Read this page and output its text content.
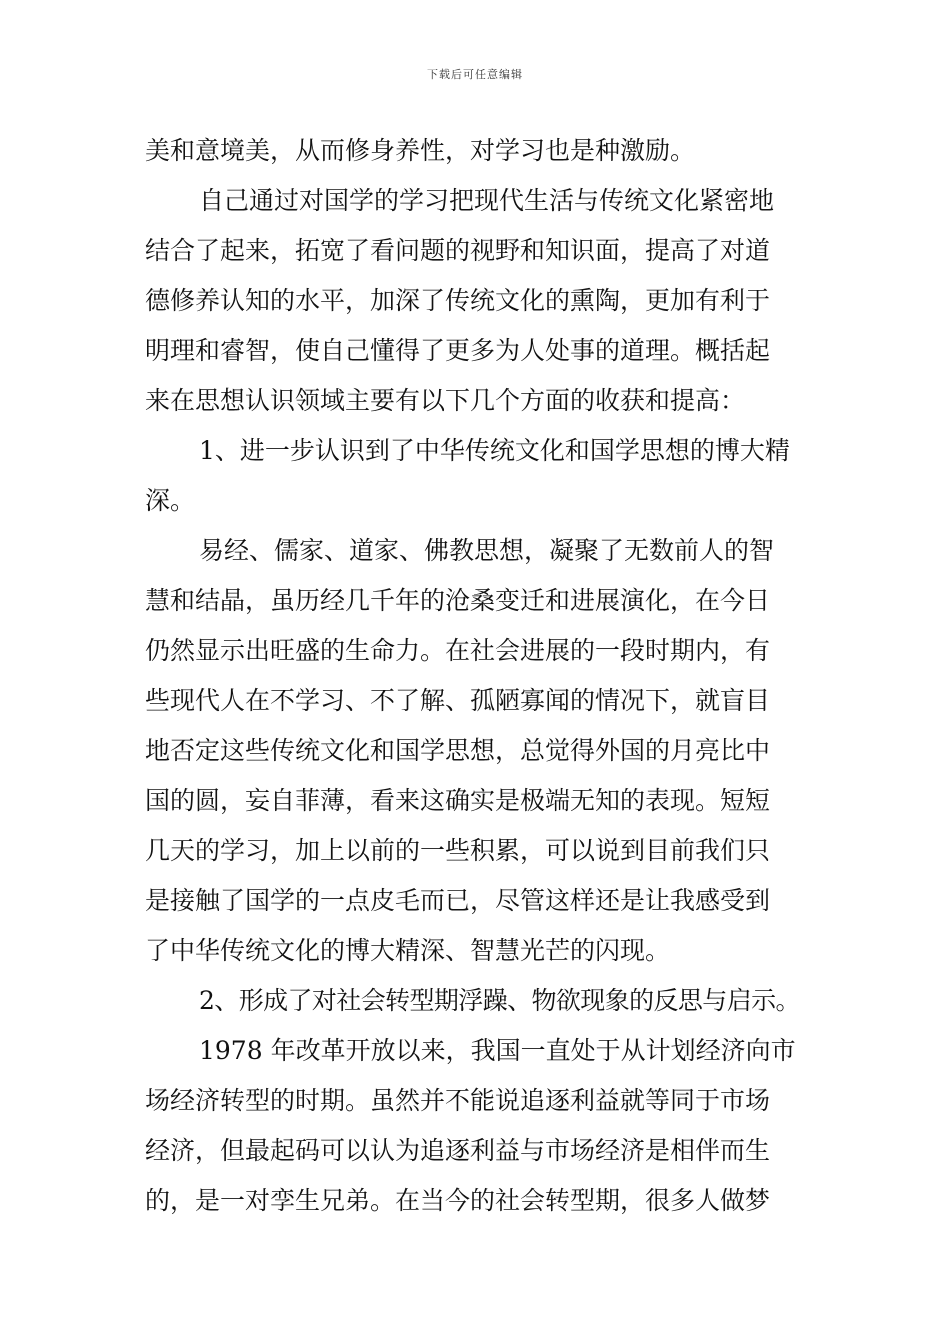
下载后可任意编辑
美和意境美，从而修身养性，对学习也是种激励。
自己通过对国学的学习把现代生活与传统文化紧密地
结合了起来，拓宽了看问题的视野和知识面，提高了对道
德修养认知的水平，加深了传统文化的熏陶，更加有利于
明理和睿智，使自己懂得了更多为人处事的道理。概括起
来在思想认识领域主要有以下几个方面的收获和提高：
1、进一步认识到了中华传统文化和国学思想的博大精
深。
易经、儒家、道家、佛教思想，凝聚了无数前人的智
慧和结晶，虽历经几千年的沧桑变迁和进展演化，在今日
仍然显示出旺盛的生命力。在社会进展的一段时期内，有
些现代人在不学习、不了解、孤陋寡闻的情况下，就盲目
地否定这些传统文化和国学思想，总觉得外国的月亮比中
国的圆，妄自菲薄，看来这确实是极端无知的表现。短短
几天的学习，加上以前的一些积累，可以说到目前我们只
是接触了国学的一点皮毛而已，尽管这样还是让我感受到
了中华传统文化的博大精深、智慧光芒的闪现。
2、形成了对社会转型期浮躁、物欲现象的反思与启示。
1978 年改革开放以来，我国一直处于从计划经济向市
场经济转型的时期。虽然并不能说追逐利益就等同于市场
经济，但最起码可以认为追逐利益与市场经济是相伴而生
的，是一对孪生兄弟。在当今的社会转型期，很多人做梦
